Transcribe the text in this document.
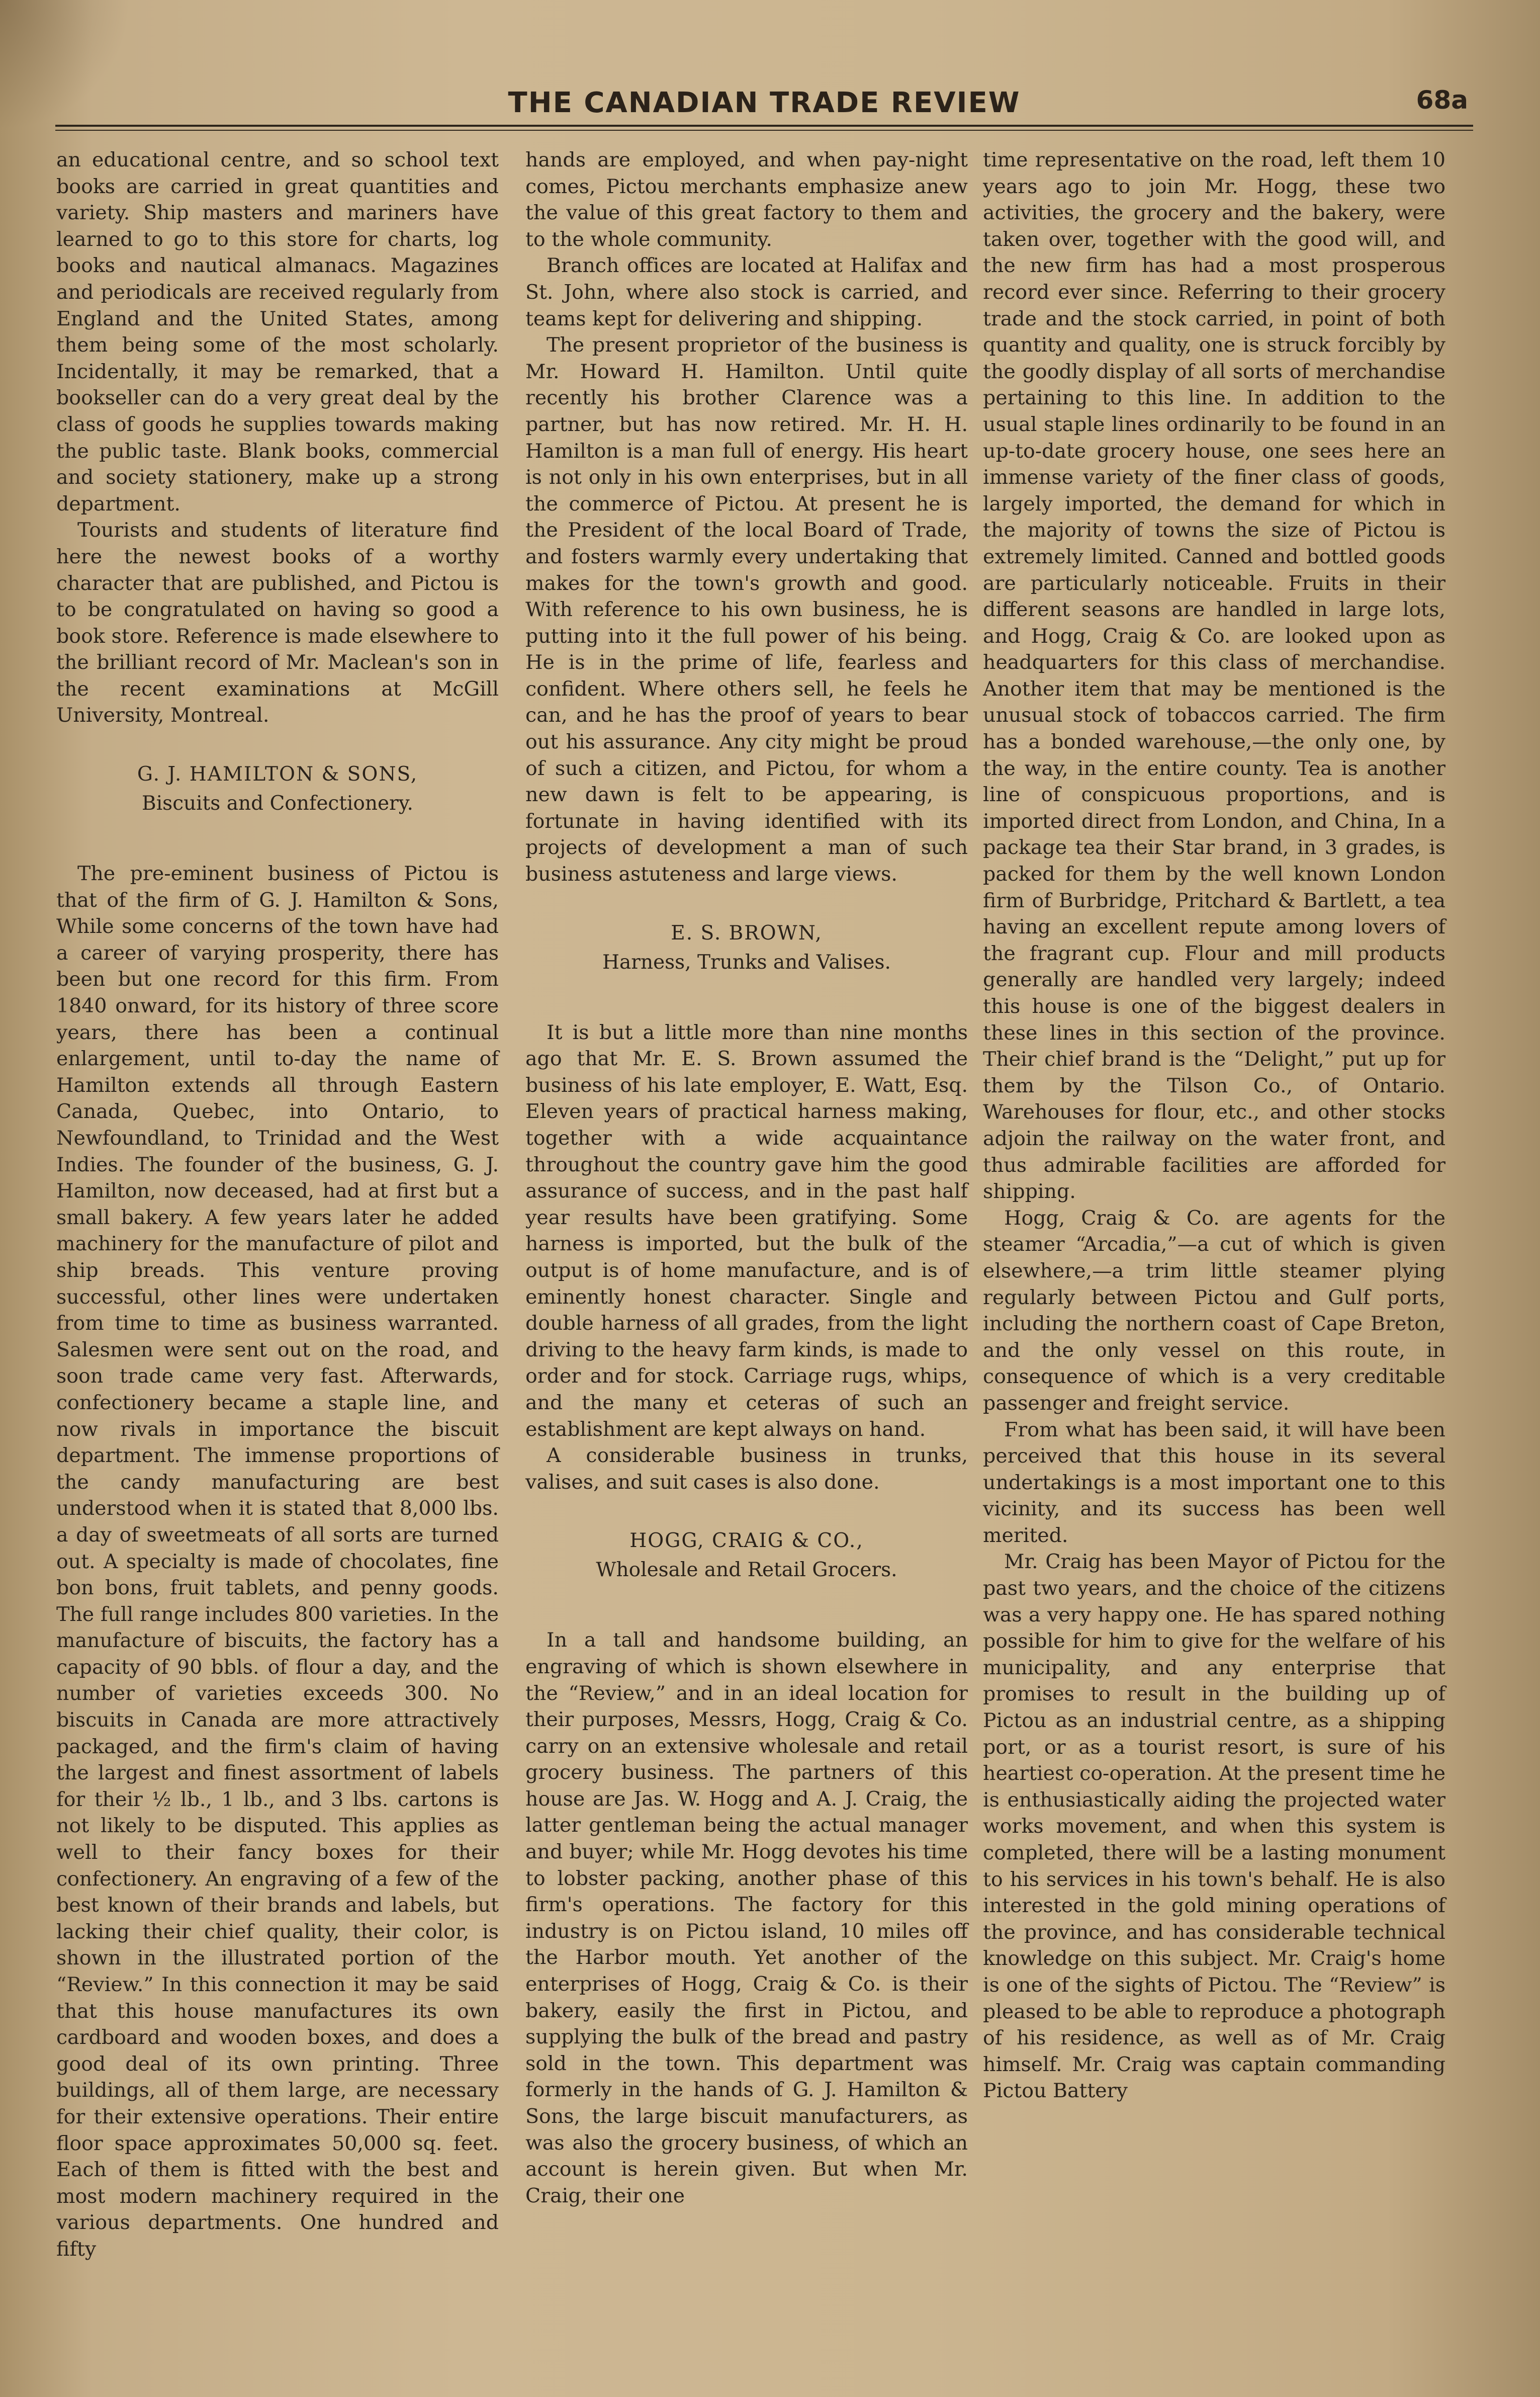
THE CANADIAN TRADE REVIEW	68a

an educational centre, and so school text books are carried in great quantities and variety. Ship masters and mariners have learned to go to this store for charts, log books and nautical almanacs. Magazines and periodicals are received regularly from England and the United States, among them being some of the most scholarly. Incidentally, it may be remarked, that a bookseller can do a very great deal by the class of goods he supplies towards making the public taste. Blank books, commercial and society stationery, make up a strong department.

Tourists and students of literature find here the newest books of a worthy character that are published, and Pictou is to be congratulated on having so good a book store. Reference is made elsewhere to the brilliant record of Mr. Maclean's son in the recent examinations at McGill University, Montreal.

G. J. HAMILTON & SONS,
Biscuits and Confectionery.

The pre-eminent business of Pictou is that of the firm of G. J. Hamilton & Sons, While some concerns of the town have had a career of varying prosperity, there has been but one record for this firm. From 1840 onward, for its history of three score years, there has been a continual enlargement, until to-day the name of Hamilton extends all through Eastern Canada, Quebec, into Ontario, to Newfoundland, to Trinidad and the West Indies. The founder of the business, G. J. Hamilton, now deceased, had at first but a small bakery. A few years later he added machinery for the manufacture of pilot and ship breads. This venture proving successful, other lines were undertaken from time to time as business warranted. Salesmen were sent out on the road, and soon trade came very fast. Afterwards, confectionery became a staple line, and now rivals in importance the biscuit department. The immense proportions of the candy manufacturing are best understood when it is stated that 8,000 lbs. a day of sweetmeats of all sorts are turned out. A specialty is made of chocolates, fine bon bons, fruit tablets, and penny goods. The full range includes 800 varieties. In the manufacture of biscuits, the factory has a capacity of 90 bbls. of flour a day, and the number of varieties exceeds 300. No biscuits in Canada are more attractively packaged, and the firm's claim of having the largest and finest assortment of labels for their ½ lb., 1 lb., and 3 lbs. cartons is not likely to be disputed. This applies as well to their fancy boxes for their confectionery. An engraving of a few of the best known of their brands and labels, but lacking their chief quality, their color, is shown in the illustrated portion of the “Review.” In this connection it may be said that this house manufactures its own cardboard and wooden boxes, and does a good deal of its own printing. Three buildings, all of them large, are necessary for their extensive operations. Their entire floor space approximates 50,000 sq. feet. Each of them is fitted with the best and most modern machinery required in the various departments. One hundred and fifty

hands are employed, and when pay-night comes, Pictou merchants emphasize anew the value of this great factory to them and to the whole community.

Branch offices are located at Halifax and St. John, where also stock is carried, and teams kept for delivering and shipping.

The present proprietor of the business is Mr. Howard H. Hamilton. Until quite recently his brother Clarence was a partner, but has now retired. Mr. H. H. Hamilton is a man full of energy. His heart is not only in his own enterprises, but in all the commerce of Pictou. At present he is the President of the local Board of Trade, and fosters warmly every undertaking that makes for the town's growth and good. With reference to his own business, he is putting into it the full power of his being. He is in the prime of life, fearless and confident. Where others sell, he feels he can, and he has the proof of years to bear out his assurance. Any city might be proud of such a citizen, and Pictou, for whom a new dawn is felt to be appearing, is fortunate in having identified with its projects of development a man of such business astuteness and large views.

E. S. BROWN,
Harness, Trunks and Valises.

It is but a little more than nine months ago that Mr. E. S. Brown assumed the business of his late employer, E. Watt, Esq. Eleven years of practical harness making, together with a wide acquaintance throughout the country gave him the good assurance of success, and in the past half year results have been gratifying. Some harness is imported, but the bulk of the output is of home manufacture, and is of eminently honest character. Single and double harness of all grades, from the light driving to the heavy farm kinds, is made to order and for stock. Carriage rugs, whips, and the many et ceteras of such an establishment are kept always on hand.

A considerable business in trunks, valises, and suit cases is also done.

HOGG, CRAIG & CO.,
Wholesale and Retail Grocers.

In a tall and handsome building, an engraving of which is shown elsewhere in the “Review,” and in an ideal location for their purposes, Messrs, Hogg, Craig & Co. carry on an extensive wholesale and retail grocery business. The partners of this house are Jas. W. Hogg and A. J. Craig, the latter gentleman being the actual manager and buyer; while Mr. Hogg devotes his time to lobster packing, another phase of this firm's operations. The factory for this industry is on Pictou island, 10 miles off the Harbor mouth. Yet another of the enterprises of Hogg, Craig & Co. is their bakery, easily the first in Pictou, and supplying the bulk of the bread and pastry sold in the town. This department was formerly in the hands of G. J. Hamilton & Sons, the large biscuit manufacturers, as was also the grocery business, of which an account is herein given. But when Mr. Craig, their one

time representative on the road, left them 10 years ago to join Mr. Hogg, these two activities, the grocery and the bakery, were taken over, together with the good will, and the new firm has had a most prosperous record ever since. Referring to their grocery trade and the stock carried, in point of both quantity and quality, one is struck forcibly by the goodly display of all sorts of merchandise pertaining to this line. In addition to the usual staple lines ordinarily to be found in an up-to-date grocery house, one sees here an immense variety of the finer class of goods, largely imported, the demand for which in the majority of towns the size of Pictou is extremely limited. Canned and bottled goods are particularly noticeable. Fruits in their different seasons are handled in large lots, and Hogg, Craig & Co. are looked upon as headquarters for this class of merchandise. Another item that may be mentioned is the unusual stock of tobaccos carried. The firm has a bonded warehouse,—the only one, by the way, in the entire county. Tea is another line of conspicuous proportions, and is imported direct from London, and China, In a package tea their Star brand, in 3 grades, is packed for them by the well known London firm of Burbridge, Pritchard & Bartlett, a tea having an excellent repute among lovers of the fragrant cup. Flour and mill products generally are handled very largely; indeed this house is one of the biggest dealers in these lines in this section of the province. Their chief brand is the “Delight,” put up for them by the Tilson Co., of Ontario. Warehouses for flour, etc., and other stocks adjoin the railway on the water front, and thus admirable facilities are afforded for shipping.

Hogg, Craig & Co. are agents for the steamer “Arcadia,”—a cut of which is given elsewhere,—a trim little steamer plying regularly between Pictou and Gulf ports, including the northern coast of Cape Breton, and the only vessel on this route, in consequence of which is a very creditable passenger and freight service.

From what has been said, it will have been perceived that this house in its several undertakings is a most important one to this vicinity, and its success has been well merited.

Mr. Craig has been Mayor of Pictou for the past two years, and the choice of the citizens was a very happy one. He has spared nothing possible for him to give for the welfare of his municipality, and any enterprise that promises to result in the building up of Pictou as an industrial centre, as a shipping port, or as a tourist resort, is sure of his heartiest co-operation. At the present time he is enthusiastically aiding the projected water works movement, and when this system is completed, there will be a lasting monument to his services in his town's behalf. He is also interested in the gold mining operations of the province, and has considerable technical knowledge on this subject. Mr. Craig's home is one of the sights of Pictou. The “Review” is pleased to be able to reproduce a photograph of his residence, as well as of Mr. Craig himself. Mr. Craig was captain commanding Pictou Battery
